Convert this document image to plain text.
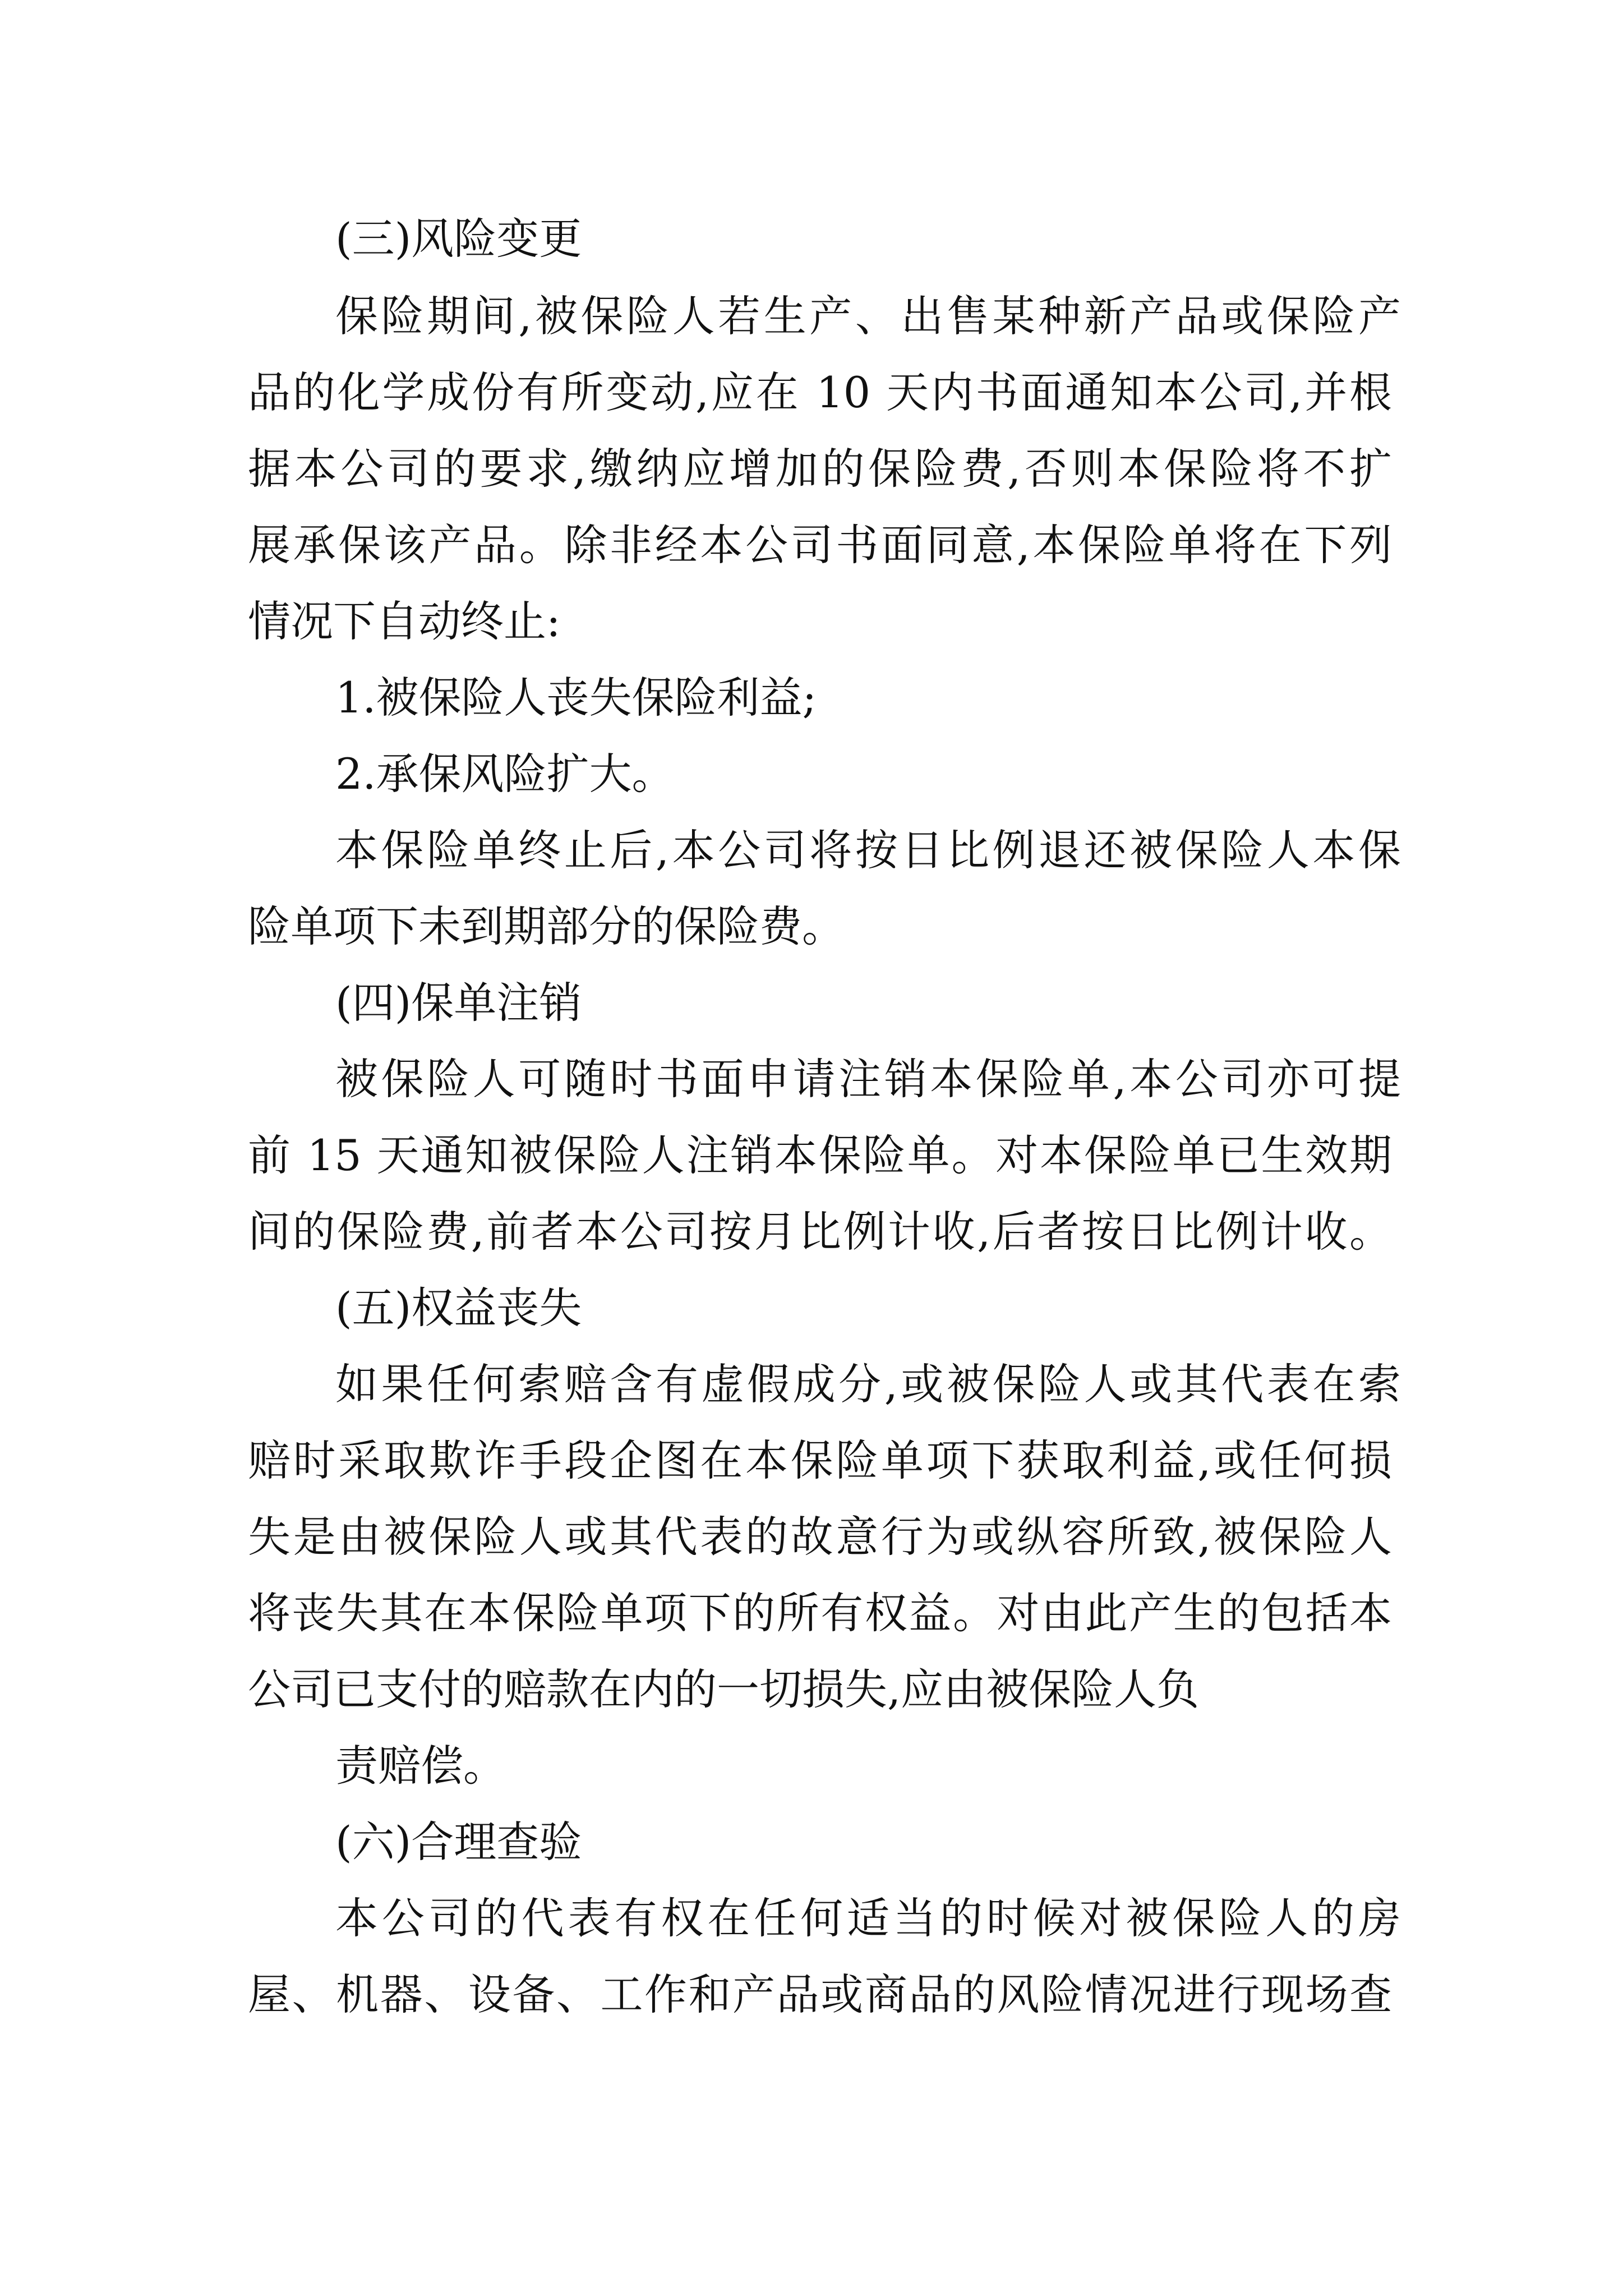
(三)风险变更
保险期间,被保险人若生产、出售某种新产品或保险产
品的化学成份有所变动,应在 10 天内书面通知本公司,并根
据本公司的要求,缴纳应增加的保险费,否则本保险将不扩
展承保该产品。除非经本公司书面同意,本保险单将在下列
情况下自动终止:
1.被保险人丧失保险利益;
2.承保风险扩大。
本保险单终止后,本公司将按日比例退还被保险人本保
险单项下未到期部分的保险费。
(四)保单注销
被保险人可随时书面申请注销本保险单,本公司亦可提
前 15 天通知被保险人注销本保险单。对本保险单已生效期
间的保险费,前者本公司按月比例计收,后者按日比例计收。
(五)权益丧失
如果任何索赔含有虚假成分,或被保险人或其代表在索
赔时采取欺诈手段企图在本保险单项下获取利益,或任何损
失是由被保险人或其代表的故意行为或纵容所致,被保险人
将丧失其在本保险单项下的所有权益。对由此产生的包括本
公司已支付的赔款在内的一切损失,应由被保险人负
责赔偿。
(六)合理查验
本公司的代表有权在任何适当的时候对被保险人的房
屋、机器、设备、工作和产品或商品的风险情况进行现场查
